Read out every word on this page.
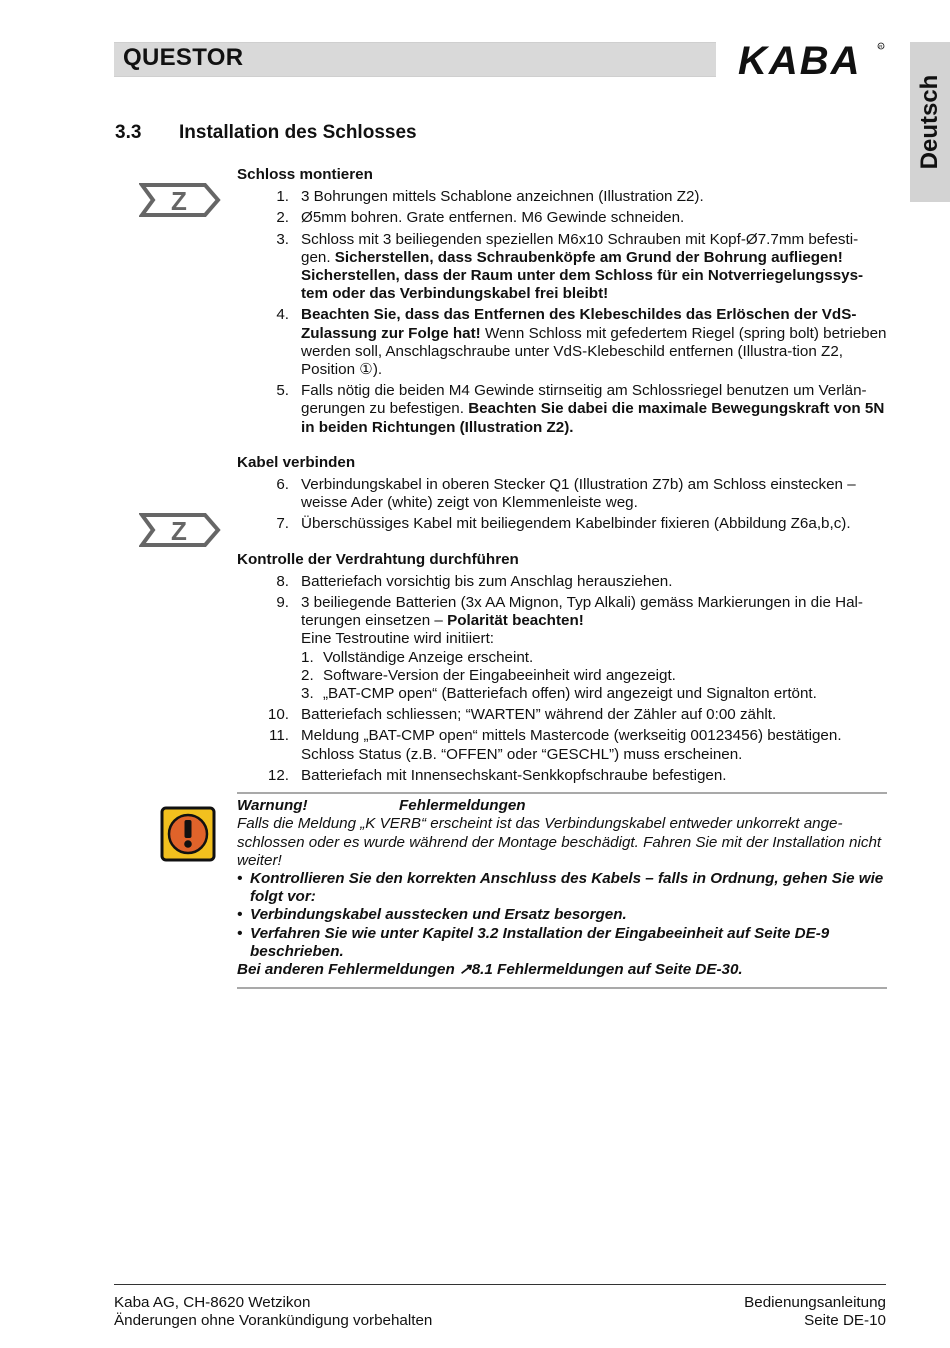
QUESTOR	KABA	R
Deutsch
3.3 Installation des Schlosses
Z
Z
Schloss montieren
1. 3 Bohrungen mittels Schablone anzeichnen (Illustration Z2).
2. Ø5mm bohren. Grate entfernen. M6 Gewinde schneiden.
3. Schloss mit 3 beiliegenden speziellen M6x10 Schrauben mit Kopf-Ø7.7mm befesti-gen. Sicherstellen, dass Schraubenköpfe am Grund der Bohrung aufliegen! Sicherstellen, dass der Raum unter dem Schloss für ein Notverriegelungssys-tem oder das Verbindungskabel frei bleibt!
4. Beachten Sie, dass das Entfernen des Klebeschildes das Erlöschen der VdS-Zulassung zur Folge hat! Wenn Schloss mit gefedertem Riegel (spring bolt) betrieben werden soll, Anschlagschraube unter VdS-Klebeschild entfernen (Illustra-tion Z2, Position ①).
5. Falls nötig die beiden M4 Gewinde stirnseitig am Schlossriegel benutzen um Verlän-gerungen zu befestigen. Beachten Sie dabei die maximale Bewegungskraft von 5N in beiden Richtungen (Illustration Z2).
Kabel verbinden
6. Verbindungskabel in oberen Stecker Q1 (Illustration Z7b) am Schloss einstecken – weisse Ader (white) zeigt von Klemmenleiste weg.
7. Überschüssiges Kabel mit beiliegendem Kabelbinder fixieren (Abbildung Z6a,b,c).
Kontrolle der Verdrahtung durchführen
8. Batteriefach vorsichtig bis zum Anschlag herausziehen.
9. 3 beiliegende Batterien (3x AA Mignon, Typ Alkali) gemäss Markierungen in die Hal-terungen einsetzen – Polarität beachten!
Eine Testroutine wird initiiert:
1. Vollständige Anzeige erscheint.
2. Software-Version der Eingabeeinheit wird angezeigt.
3. „BAT-CMP open“ (Batteriefach offen) wird angezeigt und Signalton ertönt.
10. Batteriefach schliessen; “WARTEN” während der Zähler auf 0:00 zählt.
11. Meldung „BAT-CMP open“ mittels Mastercode (werkseitig 00123456) bestätigen. Schloss Status (z.B. “OFFEN” oder “GESCHL”) muss erscheinen.
12. Batteriefach mit Innensechskant-Senkkopfschraube befestigen.
Warnung!	Fehlermeldungen
Falls die Meldung „K VERB“ erscheint ist das Verbindungskabel entweder unkorrekt ange-schlossen oder es wurde während der Montage beschädigt. Fahren Sie mit der Installation nicht weiter!
• Kontrollieren Sie den korrekten Anschluss des Kabels – falls in Ordnung, gehen Sie wie folgt vor:
• Verbindungskabel ausstecken und Ersatz besorgen.
• Verfahren Sie wie unter Kapitel 3.2 Installation der Eingabeeinheit auf Seite DE-9 beschrieben.
Bei anderen Fehlermeldungen ↗8.1 Fehlermeldungen auf Seite DE-30.
Kaba AG, CH-8620 Wetzikon
Änderungen ohne Vorankündigung vorbehalten
Bedienungsanleitung
Seite DE-10
